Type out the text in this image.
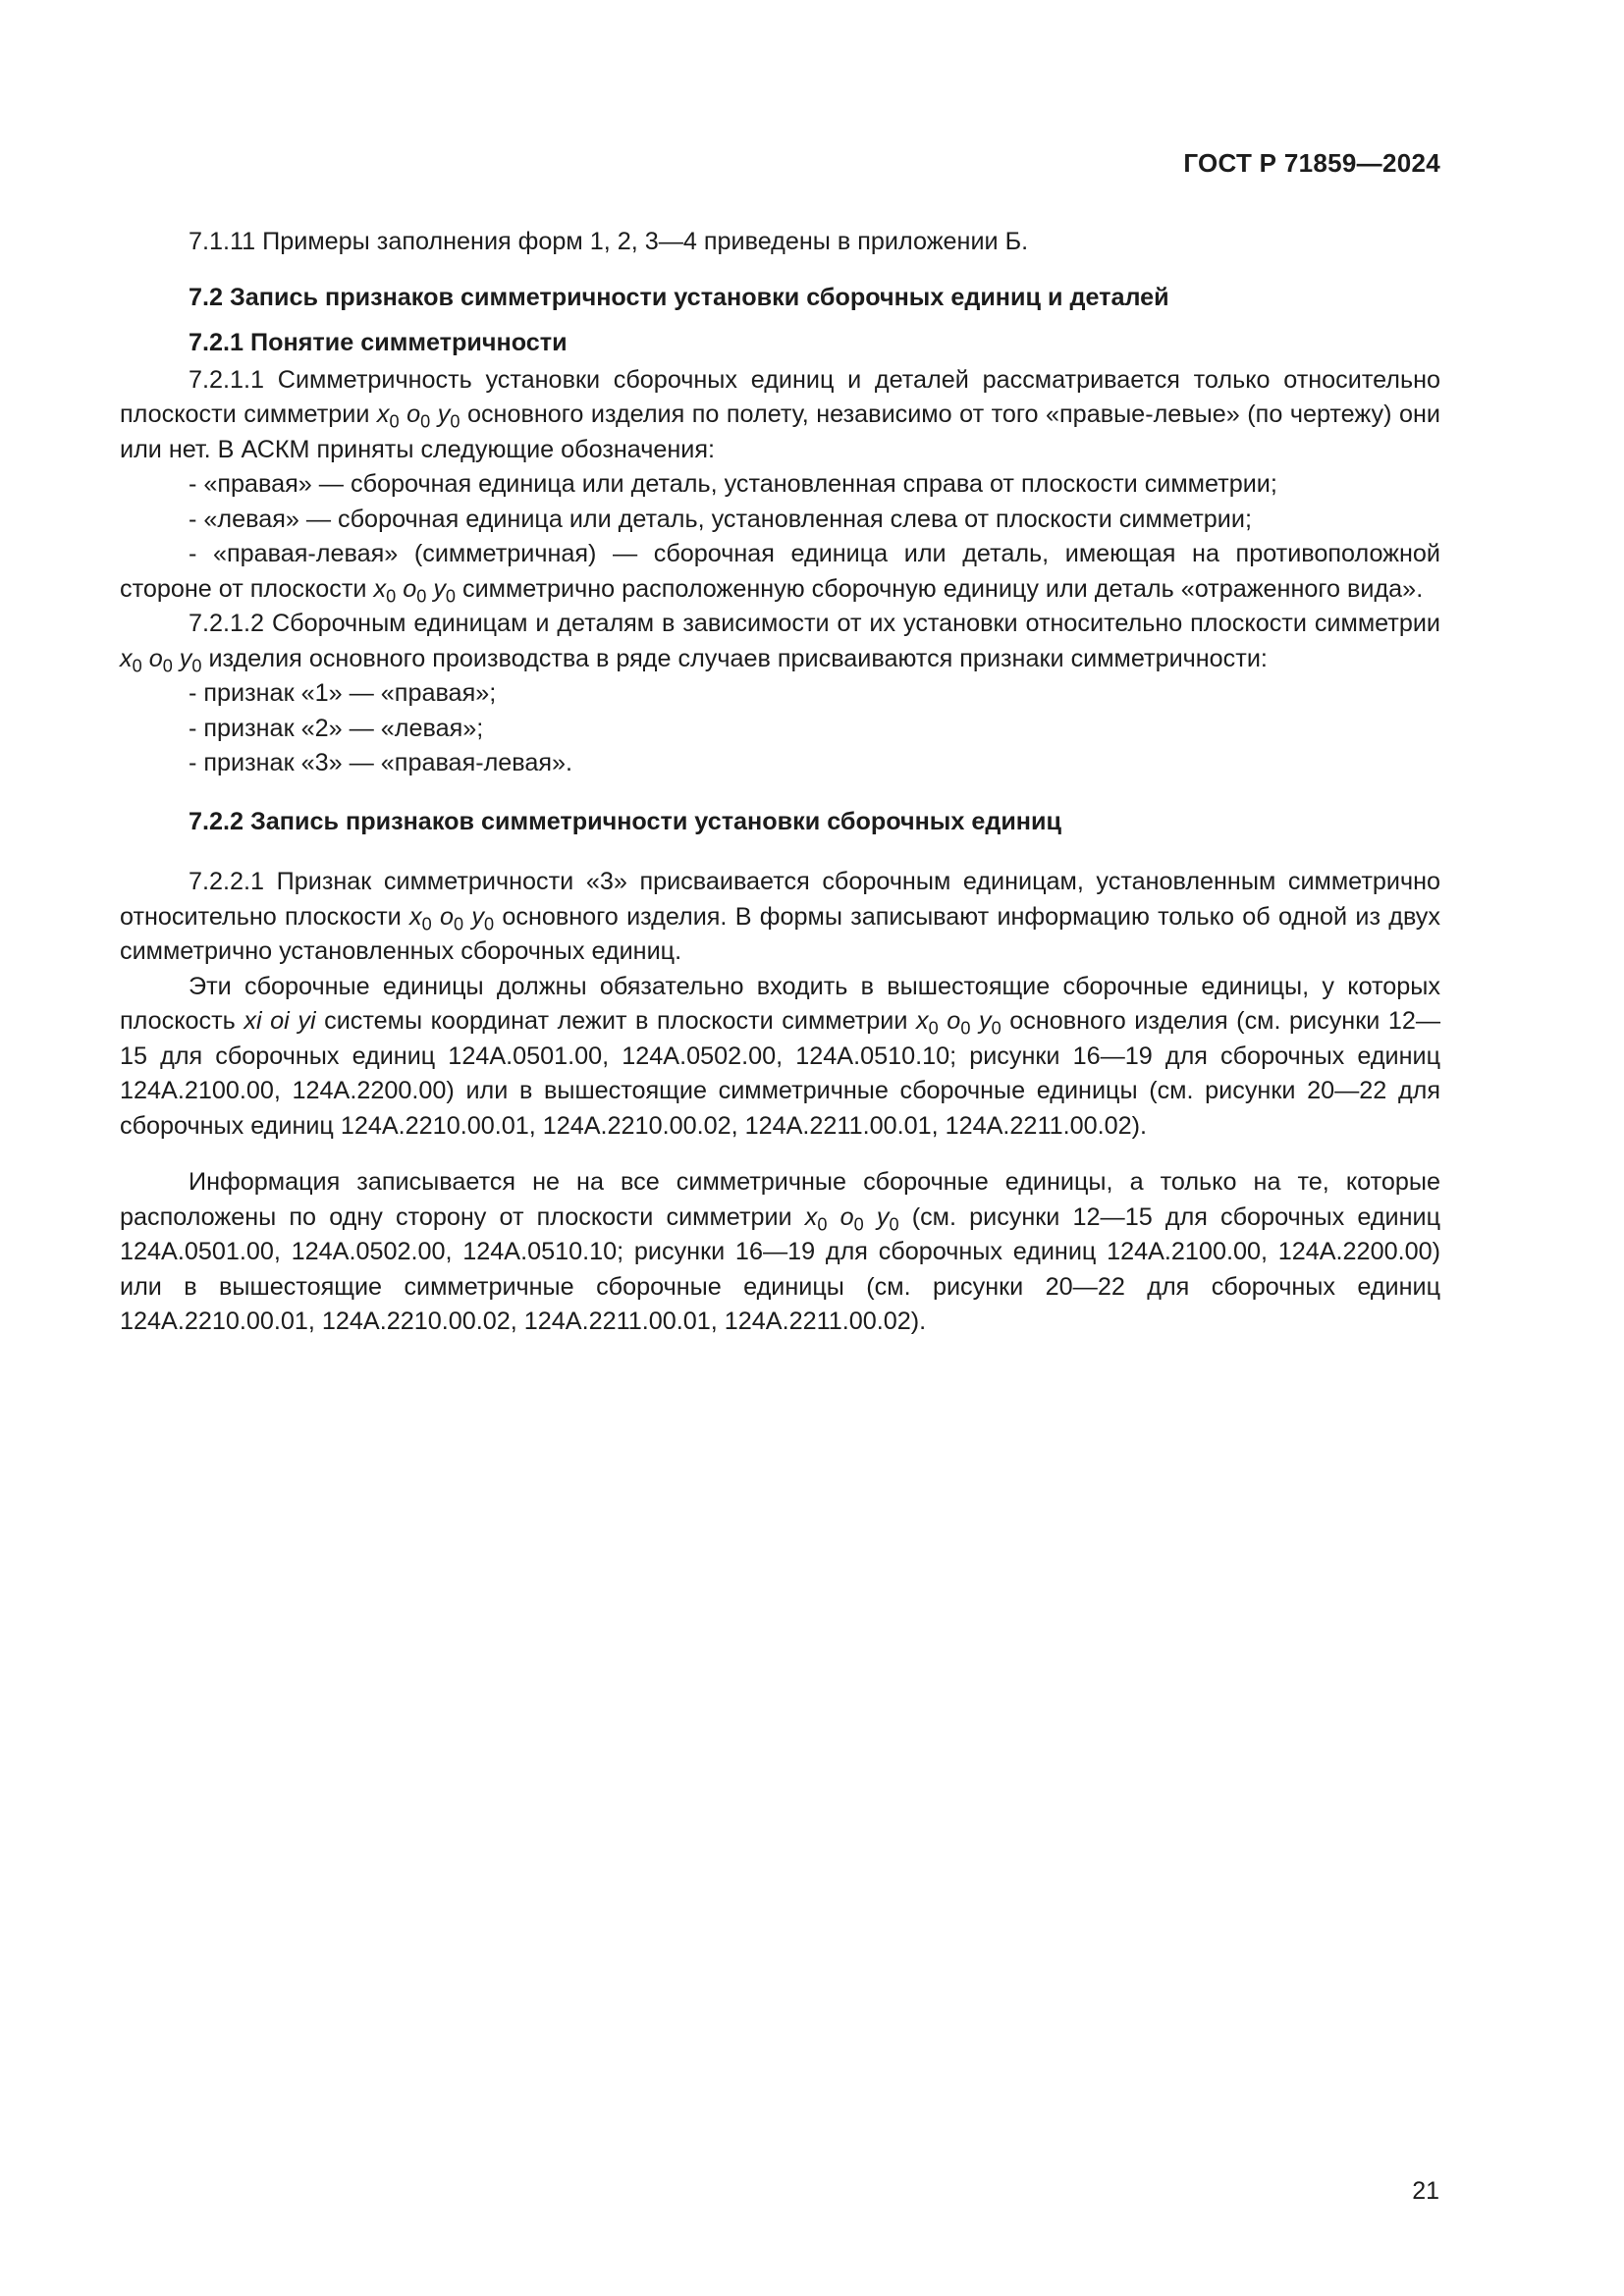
ГОСТ Р 71859—2024

7.1.11 Примеры заполнения форм 1, 2, 3—4 приведены в приложении Б.

7.2 Запись признаков симметричности установки сборочных единиц и деталей

7.2.1 Понятие симметричности

7.2.1.1 Симметричность установки сборочных единиц и деталей рассматривается только относительно плоскости симметрии $x_0$ $o_0$ $y_0$ основного изделия по полету, независимо от того «правые-левые» (по чертежу) они или нет. В АСКМ приняты следующие обозначения:

- «правая» — сборочная единица или деталь, установленная справа от плоскости симметрии;

- «левая» — сборочная единица или деталь, установленная слева от плоскости симметрии;

- «правая-левая» (симметричная) — сборочная единица или деталь, имеющая на противоположной стороне от плоскости $x_0$ $o_0$ $y_0$ симметрично расположенную сборочную единицу или деталь «отраженного вида».

7.2.1.2 Сборочным единицам и деталям в зависимости от их установки относительно плоскости симметрии $x_0$ $o_0$ $y_0$ изделия основного производства в ряде случаев присваиваются признаки симметричности:

- признак «1» — «правая»;

- признак «2» — «левая»;

- признак «3» — «правая-левая».

7.2.2 Запись признаков симметричности установки сборочных единиц

7.2.2.1 Признак симметричности «3» присваивается сборочным единицам, установленным симметрично относительно плоскости $x_0$ $o_0$ $y_0$ основного изделия. В формы записывают информацию только об одной из двух симметрично установленных сборочных единиц.

Эти сборочные единицы должны обязательно входить в вышестоящие сборочные единицы, у которых плоскость xi oi yi системы координат лежит в плоскости симметрии $x_0$ $o_0$ $y_0$ основного изделия (см. рисунки 12—15 для сборочных единиц 124А.0501.00, 124А.0502.00, 124А.0510.10; рисунки 16—19 для сборочных единиц 124А.2100.00, 124А.2200.00) или в вышестоящие симметричные сборочные единицы (см. рисунки 20—22 для сборочных единиц 124А.2210.00.01, 124А.2210.00.02, 124А.2211.00.01, 124А.2211.00.02).

Информация записывается не на все симметричные сборочные единицы, а только на те, которые расположены по одну сторону от плоскости симметрии $x_0$ $o_0$ $y_0$ (см. рисунки 12—15 для сборочных единиц 124А.0501.00, 124А.0502.00, 124А.0510.10; рисунки 16—19 для сборочных единиц 124А.2100.00, 124А.2200.00) или в вышестоящие симметричные сборочные единицы (см. рисунки 20—22 для сборочных единиц 124А.2210.00.01, 124А.2210.00.02, 124А.2211.00.01, 124А.2211.00.02).

21
